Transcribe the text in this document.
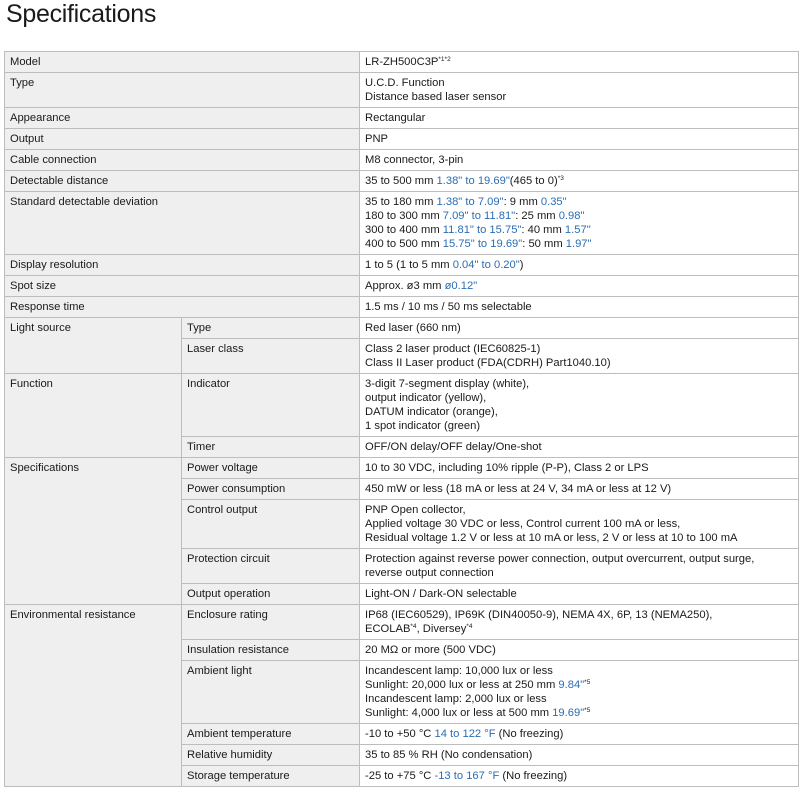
Specifications
Model		$LR-ZH500C3P^{*1*2}$

Type		U.C.D. Function
Distance based laser sensor

Appearance		Rectangular

Output		PNP

Cable connection		M8 connector, 3-pin

Detectable distance		35 to 500 mm 1.38" to 19.69"(465 to 0)$^{*3}$

Standard detectable deviation		35 to 180 mm 1.38" to 7.09": 9 mm 0.35"
180 to 300 mm 7.09" to 11.81": 25 mm 0.98"
300 to 400 mm 11.81" to 15.75": 40 mm 1.57"
400 to 500 mm 15.75" to 19.69": 50 mm 1.97"

Display resolution		1 to 5 (1 to 5 mm 0.04" to 0.20")

Spot size		Approx. ø3 mm ø0.12"

Response time		1.5 ms / 10 ms / 50 ms selectable

Light source	Type	Red laser (660 nm)

	Laser class	Class 2 laser product (IEC60825-1)
Class II Laser product (FDA(CDRH) Part1040.10)

Function	Indicator	3-digit 7-segment display (white),
output indicator (yellow),
DATUM indicator (orange),
1 spot indicator (green)

	Timer	OFF/ON delay/OFF delay/One-shot

Specifications	Power voltage	10 to 30 VDC, including 10% ripple (P-P), Class 2 or LPS

	Power consumption	450 mW or less (18 mA or less at 24 V, 34 mA or less at 12 V)

	Control output	PNP Open collector,
Applied voltage 30 VDC or less, Control current 100 mA or less,
Residual voltage 1.2 V or less at 10 mA or less, 2 V or less at 10 to 100 mA

	Protection circuit	Protection against reverse power connection, output overcurrent, output surge,
reverse output connection

	Output operation	Light-ON / Dark-ON selectable

Environmental resistance	Enclosure rating	IP68 (IEC60529), IP69K (DIN40050-9), NEMA 4X, 6P, 13 (NEMA250),
ECOLAB$^{*4}$, Diversey$^{*4}$

	Insulation resistance	20 MΩ or more (500 VDC)

	Ambient light	Incandescent lamp: 10,000 lux or less
Sunlight: 20,000 lux or less at 250 mm 9.84"$^{*5}$
Incandescent lamp: 2,000 lux or less
Sunlight: 4,000 lux or less at 500 mm 19.69"$^{*5}$

	Ambient temperature	-10 to +50 °C 14 to 122 °F (No freezing)

	Relative humidity	35 to 85 % RH (No condensation)

	Storage temperature	-25 to +75 °C -13 to 167 °F (No freezing)
